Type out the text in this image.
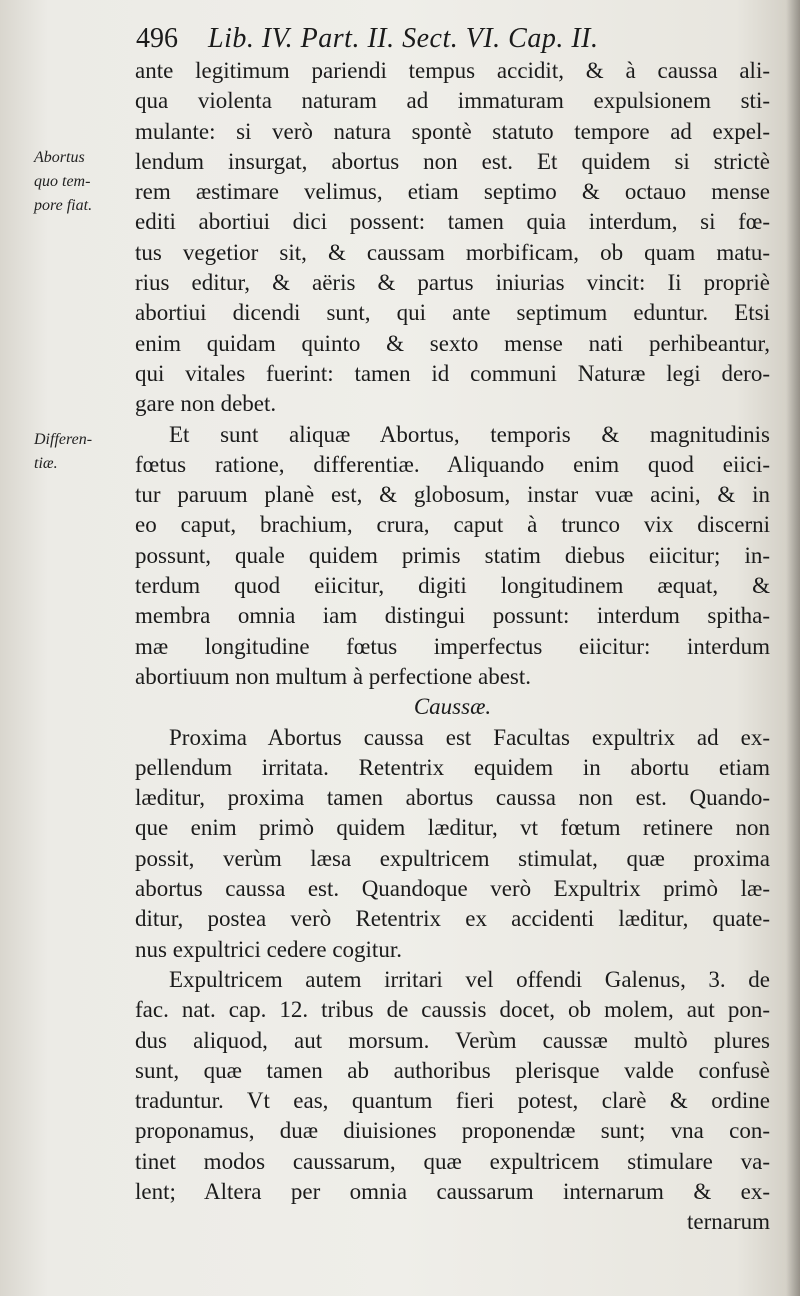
496 Lib. IV. Part. II. Sect. VI. Cap. II.
Abortus
quo tem-
pore fiat.
Differen-
tiæ.
ante legitimum pariendi tempus accidit, & à caussa ali-
qua violenta naturam ad immaturam expulsionem sti-
mulante: si verò natura spontè statuto tempore ad expel-
lendum insurgat, abortus non est. Et quidem si strictè
rem æstimare velimus, etiam septimo & octauo mense
editi abortiui dici possent: tamen quia interdum, si fœ-
tus vegetior sit, & caussam morbificam, ob quam matu-
rius editur, & aëris & partus iniurias vincit: Ii propriè
abortiui dicendi sunt, qui ante septimum eduntur. Etsi
enim quidam quinto & sexto mense nati perhibeantur,
qui vitales fuerint: tamen id communi Naturæ legi dero-
gare non debet.
Et sunt aliquæ Abortus, temporis & magnitudinis
fœtus ratione, differentiæ. Aliquando enim quod eiici-
tur paruum planè est, & globosum, instar vuæ acini, & in
eo caput, brachium, crura, caput à trunco vix discerni
possunt, quale quidem primis statim diebus eiicitur; in-
terdum quod eiicitur, digiti longitudinem æquat, &
membra omnia iam distingui possunt: interdum spitha-
mæ longitudine fœtus imperfectus eiicitur: interdum
abortiuum non multum à perfectione abest.
Caussæ.
Proxima Abortus caussa est Facultas expultrix ad ex-
pellendum irritata. Retentrix equidem in abortu etiam
læditur, proxima tamen abortus caussa non est. Quando-
que enim primò quidem læditur, vt fœtum retinere non
possit, verùm læsa expultricem stimulat, quæ proxima
abortus caussa est. Quandoque verò Expultrix primò læ-
ditur, postea verò Retentrix ex accidenti læditur, quate-
nus expultrici cedere cogitur.
Expultricem autem irritari vel offendi Galenus, 3. de
fac. nat. cap. 12. tribus de caussis docet, ob molem, aut pon-
dus aliquod, aut morsum. Verùm caussæ multò plures
sunt, quæ tamen ab authoribus plerisque valde confusè
traduntur. Vt eas, quantum fieri potest, clarè & ordine
proponamus, duæ diuisiones proponendæ sunt; vna con-
tinet modos caussarum, quæ expultricem stimulare va-
lent; Altera per omnia caussarum internarum & ex-
ternarum
